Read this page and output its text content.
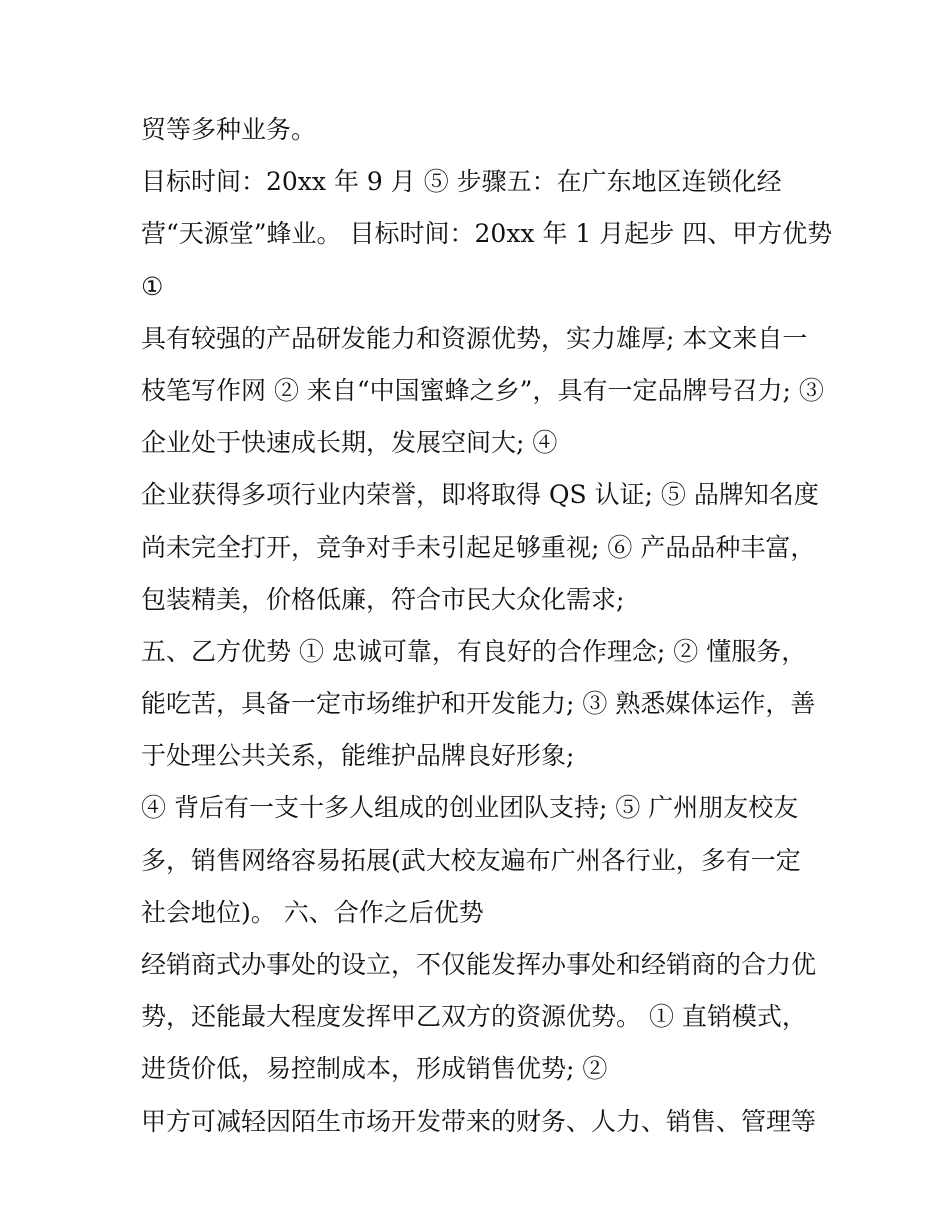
贸等多种业务。
目标时间：20xx 年 9 月 ⑤ 步骤五：在广东地区连锁化经
营“天源堂”蜂业。 目标时间：20xx 年 1 月起步 四、甲方优势
①
具有较强的产品研发能力和资源优势，实力雄厚; 本文来自一
枝笔写作网 ② 来自“中国蜜蜂之乡”，具有一定品牌号召力; ③
企业处于快速成长期，发展空间大; ④
企业获得多项行业内荣誉，即将取得 QS 认证; ⑤ 品牌知名度
尚未完全打开，竞争对手未引起足够重视; ⑥ 产品品种丰富，
包装精美，价格低廉，符合市民大众化需求;
五、乙方优势 ① 忠诚可靠，有良好的合作理念; ② 懂服务，
能吃苦，具备一定市场维护和开发能力; ③ 熟悉媒体运作，善
于处理公共关系，能维护品牌良好形象;
④ 背后有一支十多人组成的创业团队支持; ⑤ 广州朋友校友
多，销售网络容易拓展(武大校友遍布广州各行业，多有一定
社会地位)。 六、合作之后优势
经销商式办事处的设立，不仅能发挥办事处和经销商的合力优
势，还能最大程度发挥甲乙双方的资源优势。 ① 直销模式，
进货价低，易控制成本，形成销售优势; ②
甲方可减轻因陌生市场开发带来的财务、人力、销售、管理等
